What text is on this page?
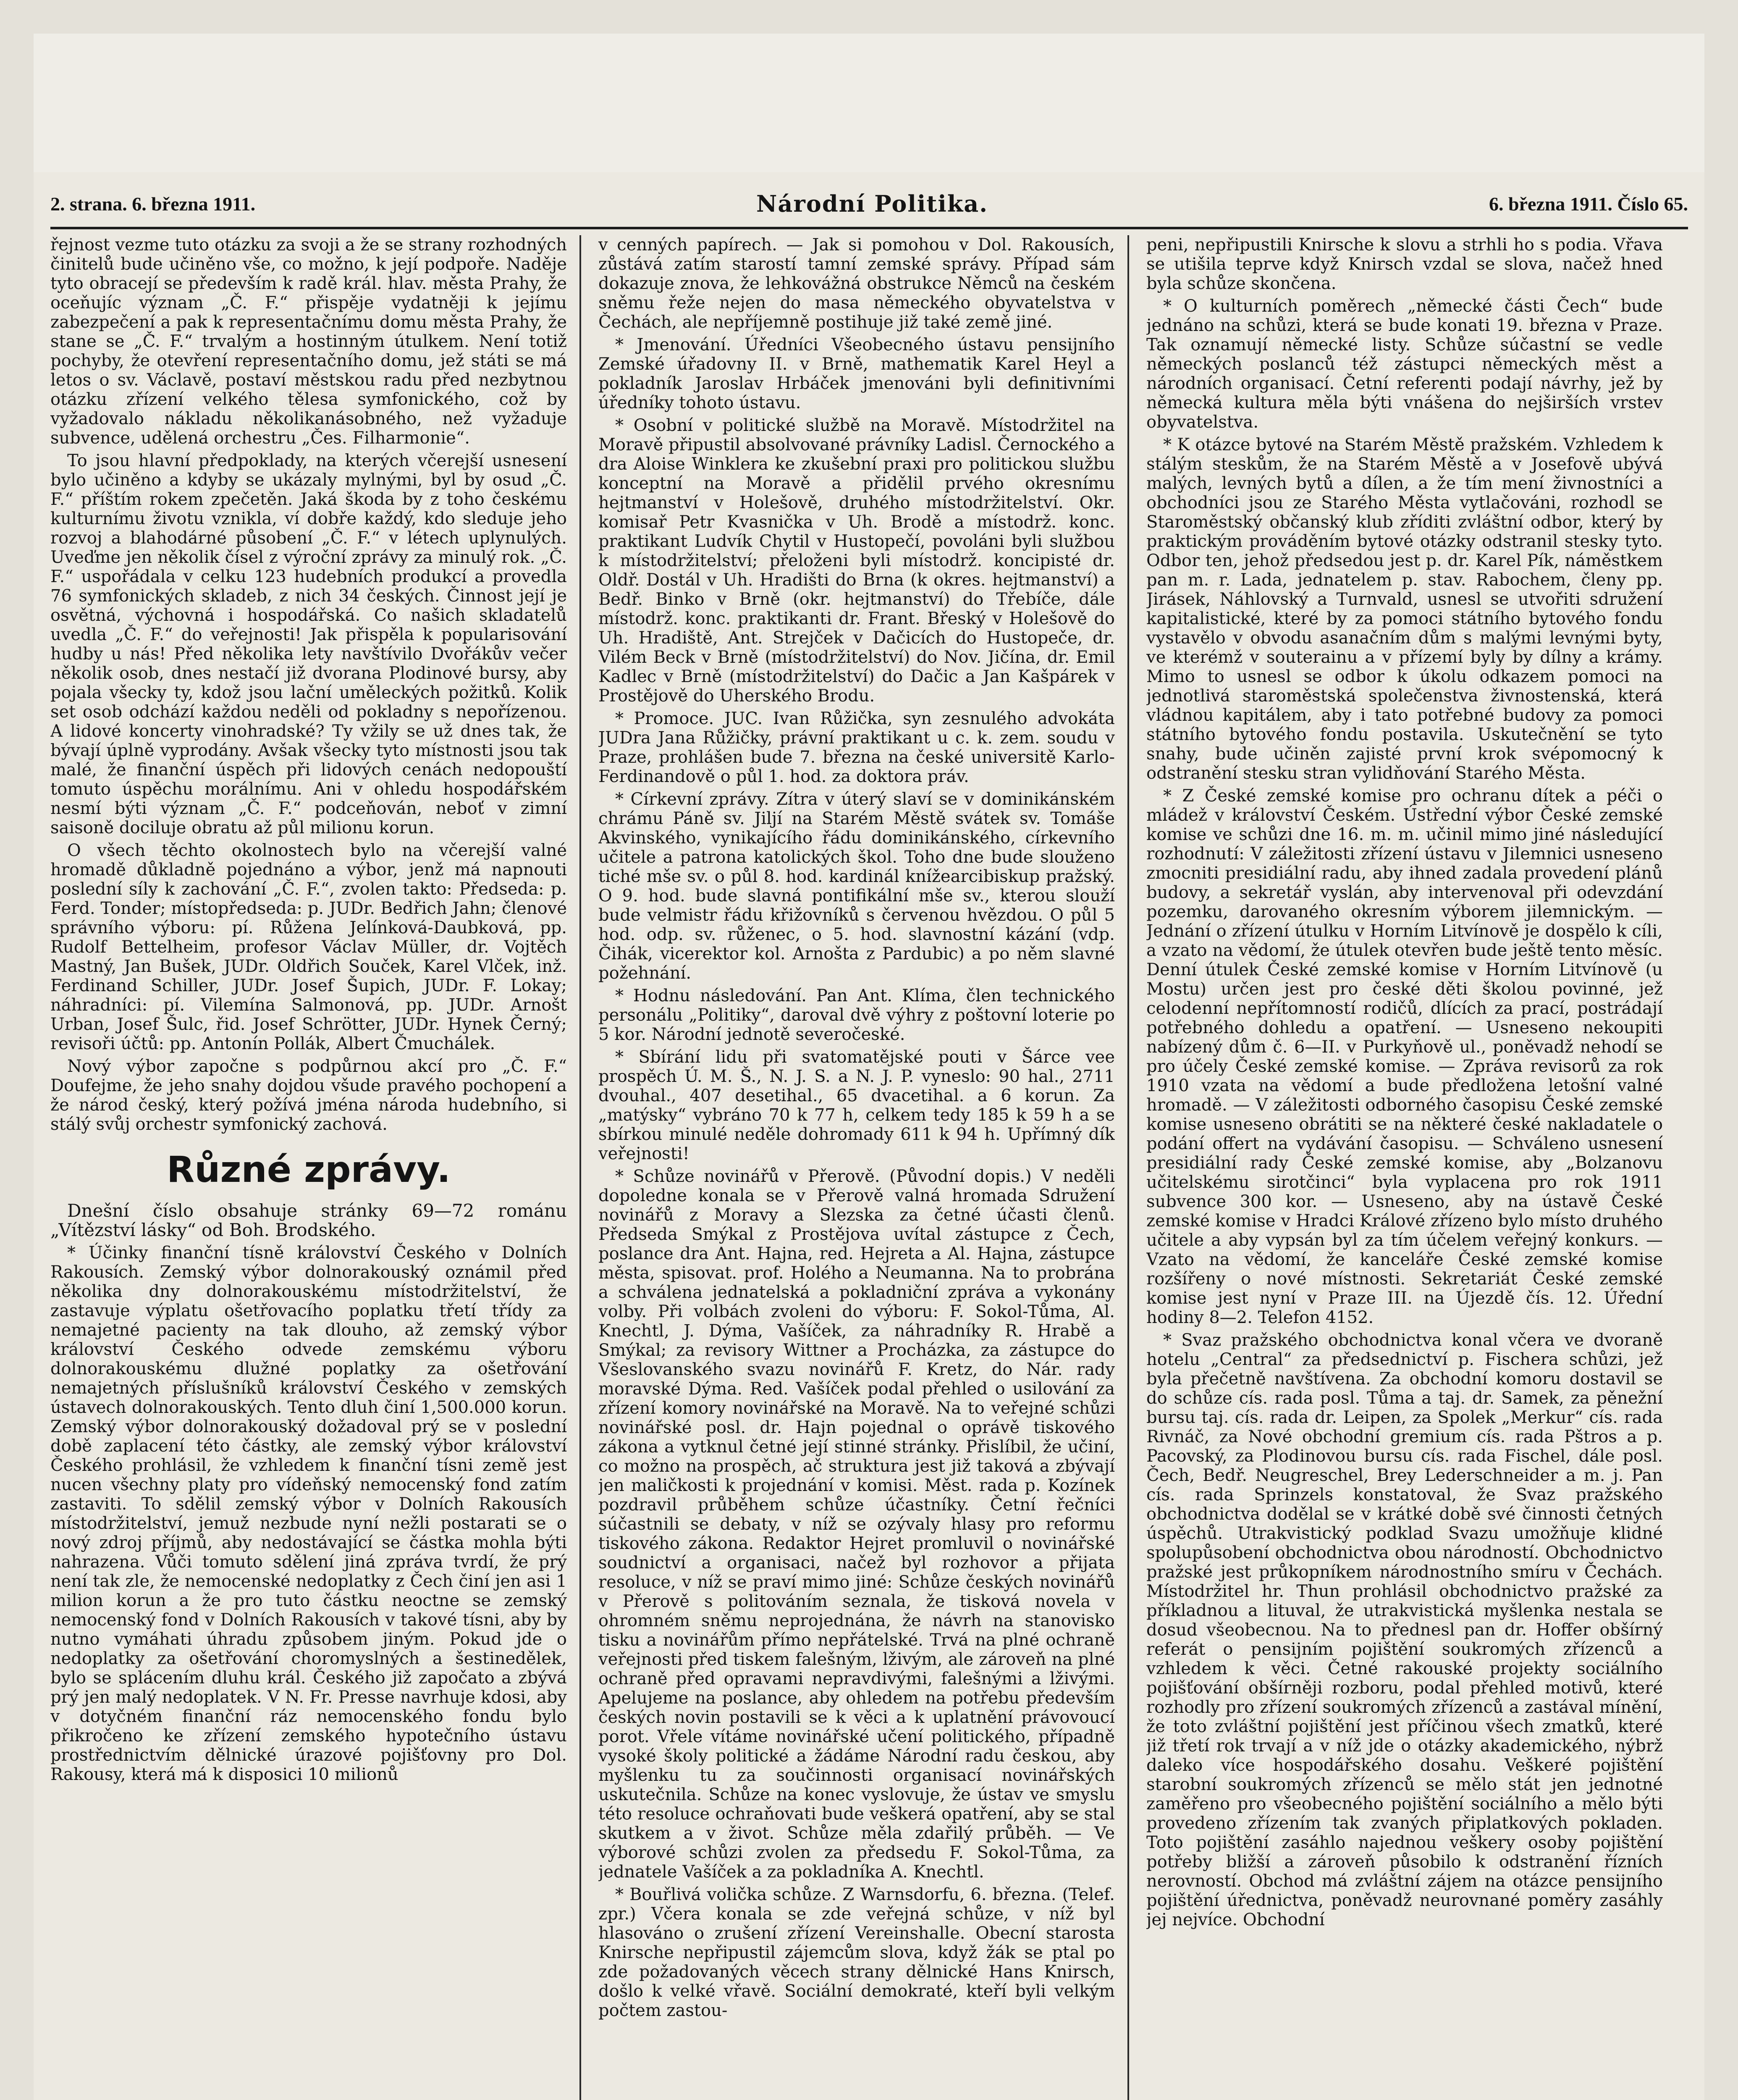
2. strana. 6. března 1911.	Národní Politika.	6. března 1911. Číslo 65.

řejnost vezme tuto otázku za svoji a že se strany rozhodných činitelů bude učiněno vše, co možno, k její podpoře. Naděje tyto obracejí se především k radě král. hlav. města Prahy, že oceňujíc význam „Č. F.“ přispěje vydatněji k jejímu zabezpečení a pak k representačnímu domu města Prahy, že stane se „Č. F.“ trvalým a hostinným útulkem. Není totiž pochyby, že otevření representačního domu, jež státi se má letos o sv. Václavě, postaví městskou radu před nezbytnou otázku zřízení velkého tělesa symfonického, což by vyžadovalo nákladu několikanásobného, než vyžaduje subvence, udělená orchestru „Čes. Filharmonie“.

To jsou hlavní předpoklady, na kterých včerejší usnesení bylo učiněno a kdyby se ukázaly mylnými, byl by osud „Č. F.“ příštím rokem zpečetěn. Jaká škoda by z toho českému kulturnímu životu vznikla, ví dobře každý, kdo sleduje jeho rozvoj a blahodárné působení „Č. F.“ v létech uplynulých. Uveďme jen několik čísel z výroční zprávy za minulý rok. „Č. F.“ uspořádala v celku 123 hudebních produkcí a provedla 76 symfonických skladeb, z nich 34 českých. Činnost její je osvětná, výchovná i hospodářská. Co našich skladatelů uvedla „Č. F.“ do veřejnosti! Jak přispěla k popularisování hudby u nás! Před několika lety navštívilo Dvořákův večer několik osob, dnes nestačí již dvorana Plodinové bursy, aby pojala všecky ty, kdož jsou lační uměleckých požitků. Kolik set osob odchází každou neděli od pokladny s nepořízenou. A lidové koncerty vinohradské? Ty vžily se už dnes tak, že bývají úplně vyprodány. Avšak všecky tyto místnosti jsou tak malé, že finanční úspěch při lidových cenách nedopouští tomuto úspěchu morálnímu. Ani v ohledu hospodářském nesmí býti význam „Č. F.“ podceňován, neboť v zimní saisoně dociluje obratu až půl milionu korun.

O všech těchto okolnostech bylo na včerejší valné hromadě důkladně pojednáno a výbor, jenž má napnouti poslední síly k zachování „Č. F.“, zvolen takto: Předseda: p. Ferd. Tonder; místopředseda: p. JUDr. Bedřich Jahn; členové správního výboru: pí. Růžena Jelínková-Daubková, pp. Rudolf Bettelheim, profesor Václav Müller, dr. Vojtěch Mastný, Jan Bušek, JUDr. Oldřich Souček, Karel Vlček, inž. Ferdinand Schiller, JUDr. Josef Šupich, JUDr. F. Lokay; náhradníci: pí. Vilemína Salmonová, pp. JUDr. Arnošt Urban, Josef Šulc, řid. Josef Schrötter, JUDr. Hynek Černý; revisoři účtů: pp. Antonín Pollák, Albert Čmuchálek.

Nový výbor započne s podpůrnou akcí pro „Č. F.“ Doufejme, že jeho snahy dojdou všude pravého pochopení a že národ český, který požívá jména národa hudebního, si stálý svůj orchestr symfonický zachová.

Různé zprávy.

Dnešní číslo obsahuje stránky 69—72 románu „Vítězství lásky“ od Boh. Brodského.

* Účinky finanční tísně království Českého v Dolních Rakousích. Zemský výbor dolnorakouský oznámil před několika dny dolnorakouskému místodržitelství, že zastavuje výplatu ošetřovacího poplatku třetí třídy za nemajetné pacienty na tak dlouho, až zemský výbor království Českého odvede zemskému výboru dolnorakouskému dlužné poplatky za ošetřování nemajetných příslušníků království Českého v zemských ústavech dolnorakouských. Tento dluh činí 1,500.000 korun. Zemský výbor dolnorakouský dožadoval prý se v poslední době zaplacení této částky, ale zemský výbor království Českého prohlásil, že vzhledem k finanční tísni země jest nucen všechny platy pro vídeňský nemocenský fond zatím zastaviti. To sdělil zemský výbor v Dolních Rakousích místodržitelství, jemuž nezbude nyní nežli postarati se o nový zdroj příjmů, aby nedostávající se částka mohla býti nahrazena. Vůči tomuto sdělení jiná zpráva tvrdí, že prý není tak zle, že nemocenské nedoplatky z Čech činí jen asi 1 milion korun a že pro tuto částku neoctne se zemský nemocenský fond v Dolních Rakousích v takové tísni, aby by nutno vymáhati úhradu způsobem jiným. Pokud jde o nedoplatky za ošetřování choromyslných a šestinedělek, bylo se splácením dluhu král. Českého již započato a zbývá prý jen malý nedoplatek. V N. Fr. Presse navrhuje kdosi, aby v dotyčném finanční ráz nemocenského fondu bylo přikročeno ke zřízení zemského hypotečního ústavu prostřednictvím dělnické úrazové pojišťovny pro Dol. Rakousy, která má k disposici 10 milionů

v cenných papírech. — Jak si pomohou v Dol. Rakousích, zůstává zatím starostí tamní zemské správy. Případ sám dokazuje znova, že lehkovážná obstrukce Němců na českém sněmu řeže nejen do masa německého obyvatelstva v Čechách, ale nepříjemně postihuje již také země jiné.

* Jmenování. Úředníci Všeobecného ústavu pensijního Zemské úřadovny II. v Brně, mathematik Karel Heyl a pokladník Jaroslav Hrbáček jmenováni byli definitivními úředníky tohoto ústavu.

* Osobní v politické službě na Moravě. Místodržitel na Moravě připustil absolvované právníky Ladisl. Černockého a dra Aloise Winklera ke zkušební praxi pro politickou službu konceptní na Moravě a přidělil prvého okresnímu hejtmanství v Holešově, druhého místodržitelství. Okr. komisař Petr Kvasnička v Uh. Brodě a místodrž. konc. praktikant Ludvík Chytil v Hustopečí, povoláni byli službou k místodržitelství; přeloženi byli místodrž. koncipisté dr. Oldř. Dostál v Uh. Hradišti do Brna (k okres. hejtmanství) a Bedř. Binko v Brně (okr. hejtmanství) do Třebíče, dále místodrž. konc. praktikanti dr. Frant. Břeský v Holešově do Uh. Hradiště, Ant. Strejček v Dačicích do Hustopeče, dr. Vilém Beck v Brně (místodržitelství) do Nov. Jičína, dr. Emil Kadlec v Brně (místodržitelství) do Dačic a Jan Kašpárek v Prostějově do Uherského Brodu.

* Promoce. JUC. Ivan Růžička, syn zesnulého advokáta JUDra Jana Růžičky, právní praktikant u c. k. zem. soudu v Praze, prohlášen bude 7. března na české universitě Karlo-Ferdinandově o půl 1. hod. za doktora práv.

* Církevní zprávy. Zítra v úterý slaví se v dominikánském chrámu Páně sv. Jiljí na Starém Městě svátek sv. Tomáše Akvinského, vynikajícího řádu dominikánského, církevního učitele a patrona katolických škol. Toho dne bude slouženo tiché mše sv. o půl 8. hod. kardinál knížearcibiskup pražský. O 9. hod. bude slavná pontifikální mše sv., kterou slouží bude velmistr řádu křižovníků s červenou hvězdou. O půl 5 hod. odp. sv. růženec, o 5. hod. slavnostní kázání (vdp. Čihák, vicerektor kol. Arnošta z Pardubic) a po něm slavné požehnání.

* Hodnu následování. Pan Ant. Klíma, člen technického personálu „Politiky“, daroval dvě výhry z poštovní loterie po 5 kor. Národní jednotě severočeské.

* Sbírání lidu při svatomatějské pouti v Šárce vee prospěch Ú. M. Š., N. J. S. a N. J. P. vyneslo: 90 hal., 2711 dvouhal., 407 desetihal., 65 dvacetihal. a 6 korun. Za „matýsky“ vybráno 70 k 77 h, celkem tedy 185 k 59 h a se sbírkou minulé neděle dohromady 611 k 94 h. Upřímný dík veřejnosti!

* Schůze novinářů v Přerově. (Původní dopis.) V neděli dopoledne konala se v Přerově valná hromada Sdružení novinářů z Moravy a Slezska za četné účasti členů. Předseda Smýkal z Prostějova uvítal zástupce z Čech, poslance dra Ant. Hajna, red. Hejreta a Al. Hajna, zástupce města, spisovat. prof. Holého a Neumanna. Na to probrána a schválena jednatelská a pokladniční zpráva a vykonány volby. Při volbách zvoleni do výboru: F. Sokol-Tůma, Al. Knechtl, J. Dýma, Vašíček, za náhradníky R. Hrabě a Smýkal; za revisory Wittner a Procházka, za zástupce do Všeslovanského svazu novinářů F. Kretz, do Nár. rady moravské Dýma. Red. Vašíček podal přehled o usilování za zřízení komory novinářské na Moravě. Na to veřejné schůzi novinářské posl. dr. Hajn pojednal o oprávě tiskového zákona a vytknul četné její stinné stránky. Přislíbil, že učiní, co možno na prospěch, ač struktura jest již taková a zbývají jen maličkosti k projednání v komisi. Měst. rada p. Kozínek pozdravil průběhem schůze účastníky. Četní řečníci súčastnili se debaty, v níž se ozývaly hlasy pro reformu tiskového zákona. Redaktor Hejret promluvil o novinářské soudnictví a organisaci, načež byl rozhovor a přijata resoluce, v níž se praví mimo jiné: Schůze českých novinářů v Přerově s politováním seznala, že tisková novela v ohromném sněmu neprojednána, že návrh na stanovisko tisku a novinářům přímo nepřátelské. Trvá na plné ochraně veřejnosti před tiskem falešným, lživým, ale zároveň na plné ochraně před opravami nepravdivými, falešnými a lživými. Apelujeme na poslance, aby ohledem na potřebu především českých novin postavili se k věci a k uplatnění právovoucí porot. Vřele vítáme novinářské učení politického, případně vysoké školy politické a žádáme Národní radu českou, aby myšlenku tu za součinnosti organisací novinářských uskutečnila. Schůze na konec vyslovuje, že ústav ve smyslu této resoluce ochraňovati bude veškerá opatření, aby se stal skutkem a v život. Schůze měla zdařilý průběh. — Ve výborové schůzi zvolen za předsedu F. Sokol-Tůma, za jednatele Vašíček a za pokladníka A. Knechtl.

* Bouřlivá volička schůze. Z Warnsdorfu, 6. března. (Telef. zpr.) Včera konala se zde veřejná schůze, v níž byl hlasováno o zrušení zřízení Vereinshalle. Obecní starosta Knirsche nepřipustil zájemcům slova, když žák se ptal po zde požadovaných věcech strany dělnické Hans Knirsch, došlo k velké vřavě. Sociální demokraté, kteří byli velkým počtem zastou-

peni, nepřipustili Knirsche k slovu a strhli ho s podia. Vřava se utišila teprve když Knirsch vzdal se slova, načež hned byla schůze skončena.

* O kulturních poměrech „německé části Čech“ bude jednáno na schůzi, která se bude konati 19. března v Praze. Tak oznamují německé listy. Schůze súčastní se vedle německých poslanců též zástupci německých měst a národních organisací. Četní referenti podají návrhy, jež by německá kultura měla býti vnášena do nejširších vrstev obyvatelstva.

* K otázce bytové na Starém Městě pražském. Vzhledem k stálým steskům, že na Starém Městě a v Josefově ubývá malých, levných bytů a dílen, a že tím mení živnostníci a obchodníci jsou ze Starého Města vytlačováni, rozhodl se Staroměstský občanský klub zříditi zvláštní odbor, který by praktickým prováděním bytové otázky odstranil stesky tyto. Odbor ten, jehož předsedou jest p. dr. Karel Pík, náměstkem pan m. r. Lada, jednatelem p. stav. Rabochem, členy pp. Jirásek, Náhlovský a Turnvald, usnesl se utvořiti sdružení kapitalistické, které by za pomoci státního bytového fondu vystavělo v obvodu asanačním dům s malými levnými byty, ve kterémž v souterainu a v přízemí byly by dílny a krámy. Mimo to usnesl se odbor k úkolu odkazem pomoci na jednotlivá staroměstská společenstva živnostenská, která vládnou kapitálem, aby i tato potřebné budovy za pomoci státního bytového fondu postavila. Uskutečnění se tyto snahy, bude učiněn zajisté první krok svépomocný k odstranění stesku stran vylidňování Starého Města.

* Z České zemské komise pro ochranu dítek a péči o mládež v království Českém. Ústřední výbor České zemské komise ve schůzi dne 16. m. m. učinil mimo jiné následující rozhodnutí: V záležitosti zřízení ústavu v Jilemnici usneseno zmocniti presidiální radu, aby ihned zadala provedení plánů budovy, a sekretář vyslán, aby intervenoval při odevzdání pozemku, darovaného okresním výborem jilemnickým. — Jednání o zřízení útulku v Horním Litvínově je dospělo k cíli, a vzato na vědomí, že útulek otevřen bude ještě tento měsíc. Denní útulek České zemské komise v Horním Litvínově (u Mostu) určen jest pro české děti školou povinné, jež celodenní nepřítomností rodičů, dlících za prací, postrádají potřebného dohledu a opatření. — Usneseno nekoupiti nabízený dům č. 6—II. v Purkyňově ul., poněvadž nehodí se pro účely České zemské komise. — Zpráva revisorů za rok 1910 vzata na vědomí a bude předložena letošní valné hromadě. — V záležitosti odborného časopisu České zemské komise usneseno obrátiti se na některé české nakladatele o podání offert na vydávání časopisu. — Schváleno usnesení presidiální rady České zemské komise, aby „Bolzanovu učitelskému sirotčinci“ byla vyplacena pro rok 1911 subvence 300 kor. — Usneseno, aby na ústavě České zemské komise v Hradci Králové zřízeno bylo místo druhého učitele a aby vypsán byl za tím účelem veřejný konkurs. — Vzato na vědomí, že kanceláře České zemské komise rozšířeny o nové místnosti. Sekretariát České zemské komise jest nyní v Praze III. na Újezdě čís. 12. Úřední hodiny 8—2. Telefon 4152.

* Svaz pražského obchodnictva konal včera ve dvoraně hotelu „Central“ za předsednictví p. Fischera schůzi, jež byla přečetně navštívena. Za obchodní komoru dostavil se do schůze cís. rada posl. Tůma a taj. dr. Samek, za pěnežní bursu taj. cís. rada dr. Leipen, za Spolek „Merkur“ cís. rada Rivnáč, za Nové obchodní gremium cís. rada Pštros a p. Pacovský, za Plodinovou bursu cís. rada Fischel, dále posl. Čech, Bedř. Neugreschel, Brey Lederschneider a m. j. Pan cís. rada Sprinzels konstatoval, že Svaz pražského obchodnictva dodělal se v krátké době své činnosti četných úspěchů. Utrakvistický podklad Svazu umožňuje klidné spolupůsobení obchodnictva obou národností. Obchodnictvo pražské jest průkopníkem národnostního smíru v Čechách. Místodržitel hr. Thun prohlásil obchodnictvo pražské za příkladnou a lituval, že utrakvistická myšlenka nestala se dosud všeobecnou. Na to přednesl pan dr. Hoffer obšírný referát o pensijním pojištění soukromých zřízenců a vzhledem k věci. Četné rakouské projekty sociálního pojišťování obšírněji rozboru, podal přehled motivů, které rozhodly pro zřízení soukromých zřízenců a zastával mínění, že toto zvláštní pojištění jest příčinou všech zmatků, které již třetí rok trvají a v níž jde o otázky akademického, nýbrž daleko více hospodářského dosahu. Veškeré pojištění starobní soukromých zřízenců se mělo stát jen jednotné zaměřeno pro všeobecného pojištění sociálního a mělo býti provedeno zřízením tak zvaných připlatkových pokladen. Toto pojištění zasáhlo najednou veškery osoby pojištění potřeby bližší a zároveň působilo k odstranění řízních nerovností. Obchod má zvláštní zájem na otázce pensijního pojištění úřednictva, poněvadž neurovnané poměry zasáhly jej nejvíce. Obchodní
